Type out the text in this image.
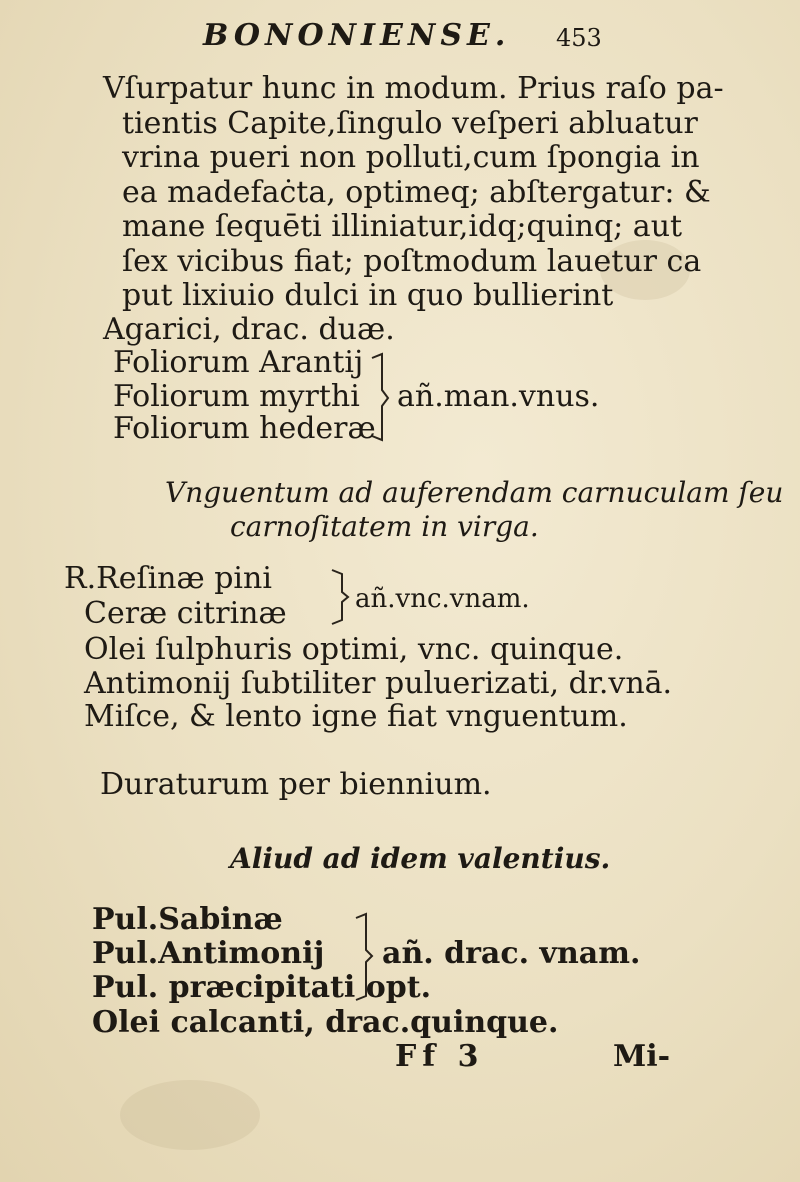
BONONIENSE. 453
Vſurpatur hunc in modum. Prius raſo pa-
tientis Capite,ſingulo veſperi abluatur
vrina pueri non polluti,cum ſpongia in
ea madefaċta, optimeq; abſtergatur: &
mane ſequēti illiniatur,idq;quinq; aut
ſex vicibus fiat; poſtmodum lauetur ca
put lixiuio dulci in quo bullierint
Agarici, drac. duæ.
Foliorum Arantij
Foliorum myrthi
Foliorum hederæ
añ.man.vnus.
Vnguentum ad auferendam carnuculam ſeu
carnoſitatem in virga.
R.Reſinæ pini
Ceræ citrinæ	añ.vnc.vnam.
Olei ſulphuris optimi, vnc. quinque.
Antimonij ſubtiliter puluerizati, dr.vnā.
Miſce, & lento igne fiat vnguentum.
Duraturum per biennium.
Aliud ad idem valentius.
Pul.Sabinæ
Pul.Antimonij
Pul. præcipitati opt.
añ. drac. vnam.
Olei calcanti, drac.quinque.
Ff 3	Mi-
